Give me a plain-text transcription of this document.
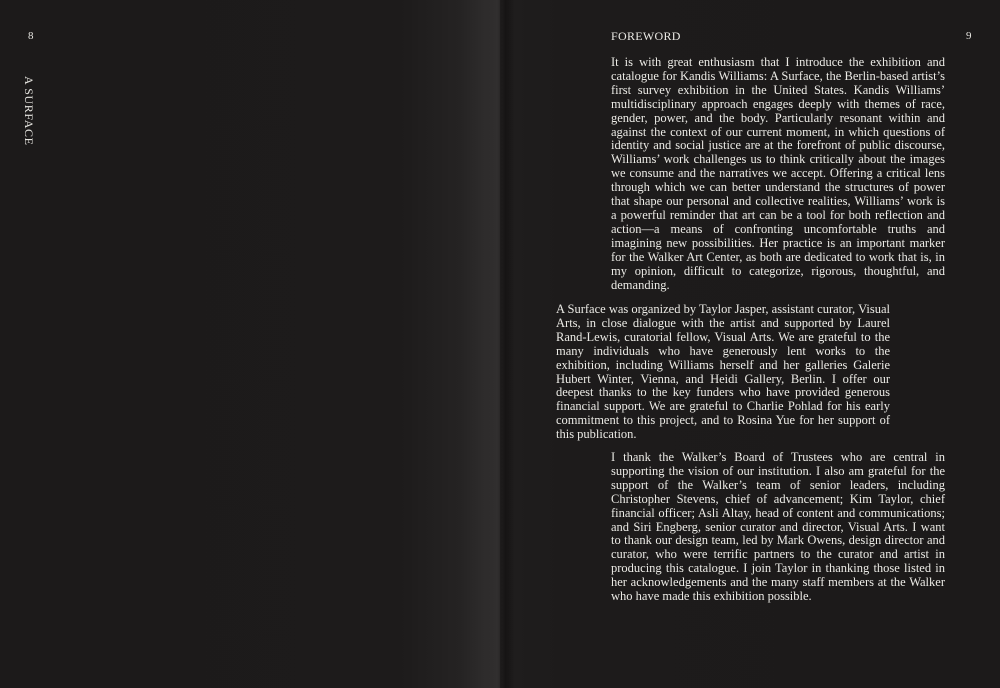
8
A SURFACE
FOREWORD	9

It is with great enthusiasm that I introduce the exhibition and catalogue for Kandis Williams: A Surface, the Berlin-based artist’s first survey exhibition in the United States. Kandis Williams’ multidisciplinary approach engages deeply with themes of race, gender, power, and the body. Particularly resonant within and against the context of our current moment, in which questions of identity and social justice are at the forefront of public discourse, Williams’ work challenges us to think critically about the images we consume and the narratives we accept. Offering a critical lens through which we can better understand the structures of power that shape our personal and collective realities, Williams’ work is a powerful reminder that art can be a tool for both reflection and action—a means of confronting uncomfortable truths and imagining new possibilities. Her practice is an important marker for the Walker Art Center, as both are dedicated to work that is, in my opinion, difficult to categorize, rigorous, thoughtful, and demanding.

A Surface was organized by Taylor Jasper, assistant curator, Visual Arts, in close dialogue with the artist and supported by Laurel Rand-Lewis, curatorial fellow, Visual Arts. We are grateful to the many individuals who have generously lent works to the exhibition, including Williams herself and her galleries Galerie Hubert Winter, Vienna, and Heidi Gallery, Berlin. I offer our deepest thanks to the key funders who have provided generous financial support. We are grateful to Charlie Pohlad for his early commitment to this project, and to Rosina Yue for her support of this publication.

I thank the Walker’s Board of Trustees who are central in supporting the vision of our institution. I also am grateful for the support of the Walker’s team of senior leaders, including Christopher Stevens, chief of advancement; Kim Taylor, chief financial officer; Asli Altay, head of content and communications; and Siri Engberg, senior curator and director, Visual Arts. I want to thank our design team, led by Mark Owens, design director and curator, who were terrific partners to the curator and artist in producing this catalogue. I join Taylor in thanking those listed in her acknowledgements and the many staff members at the Walker who have made this exhibition possible.
